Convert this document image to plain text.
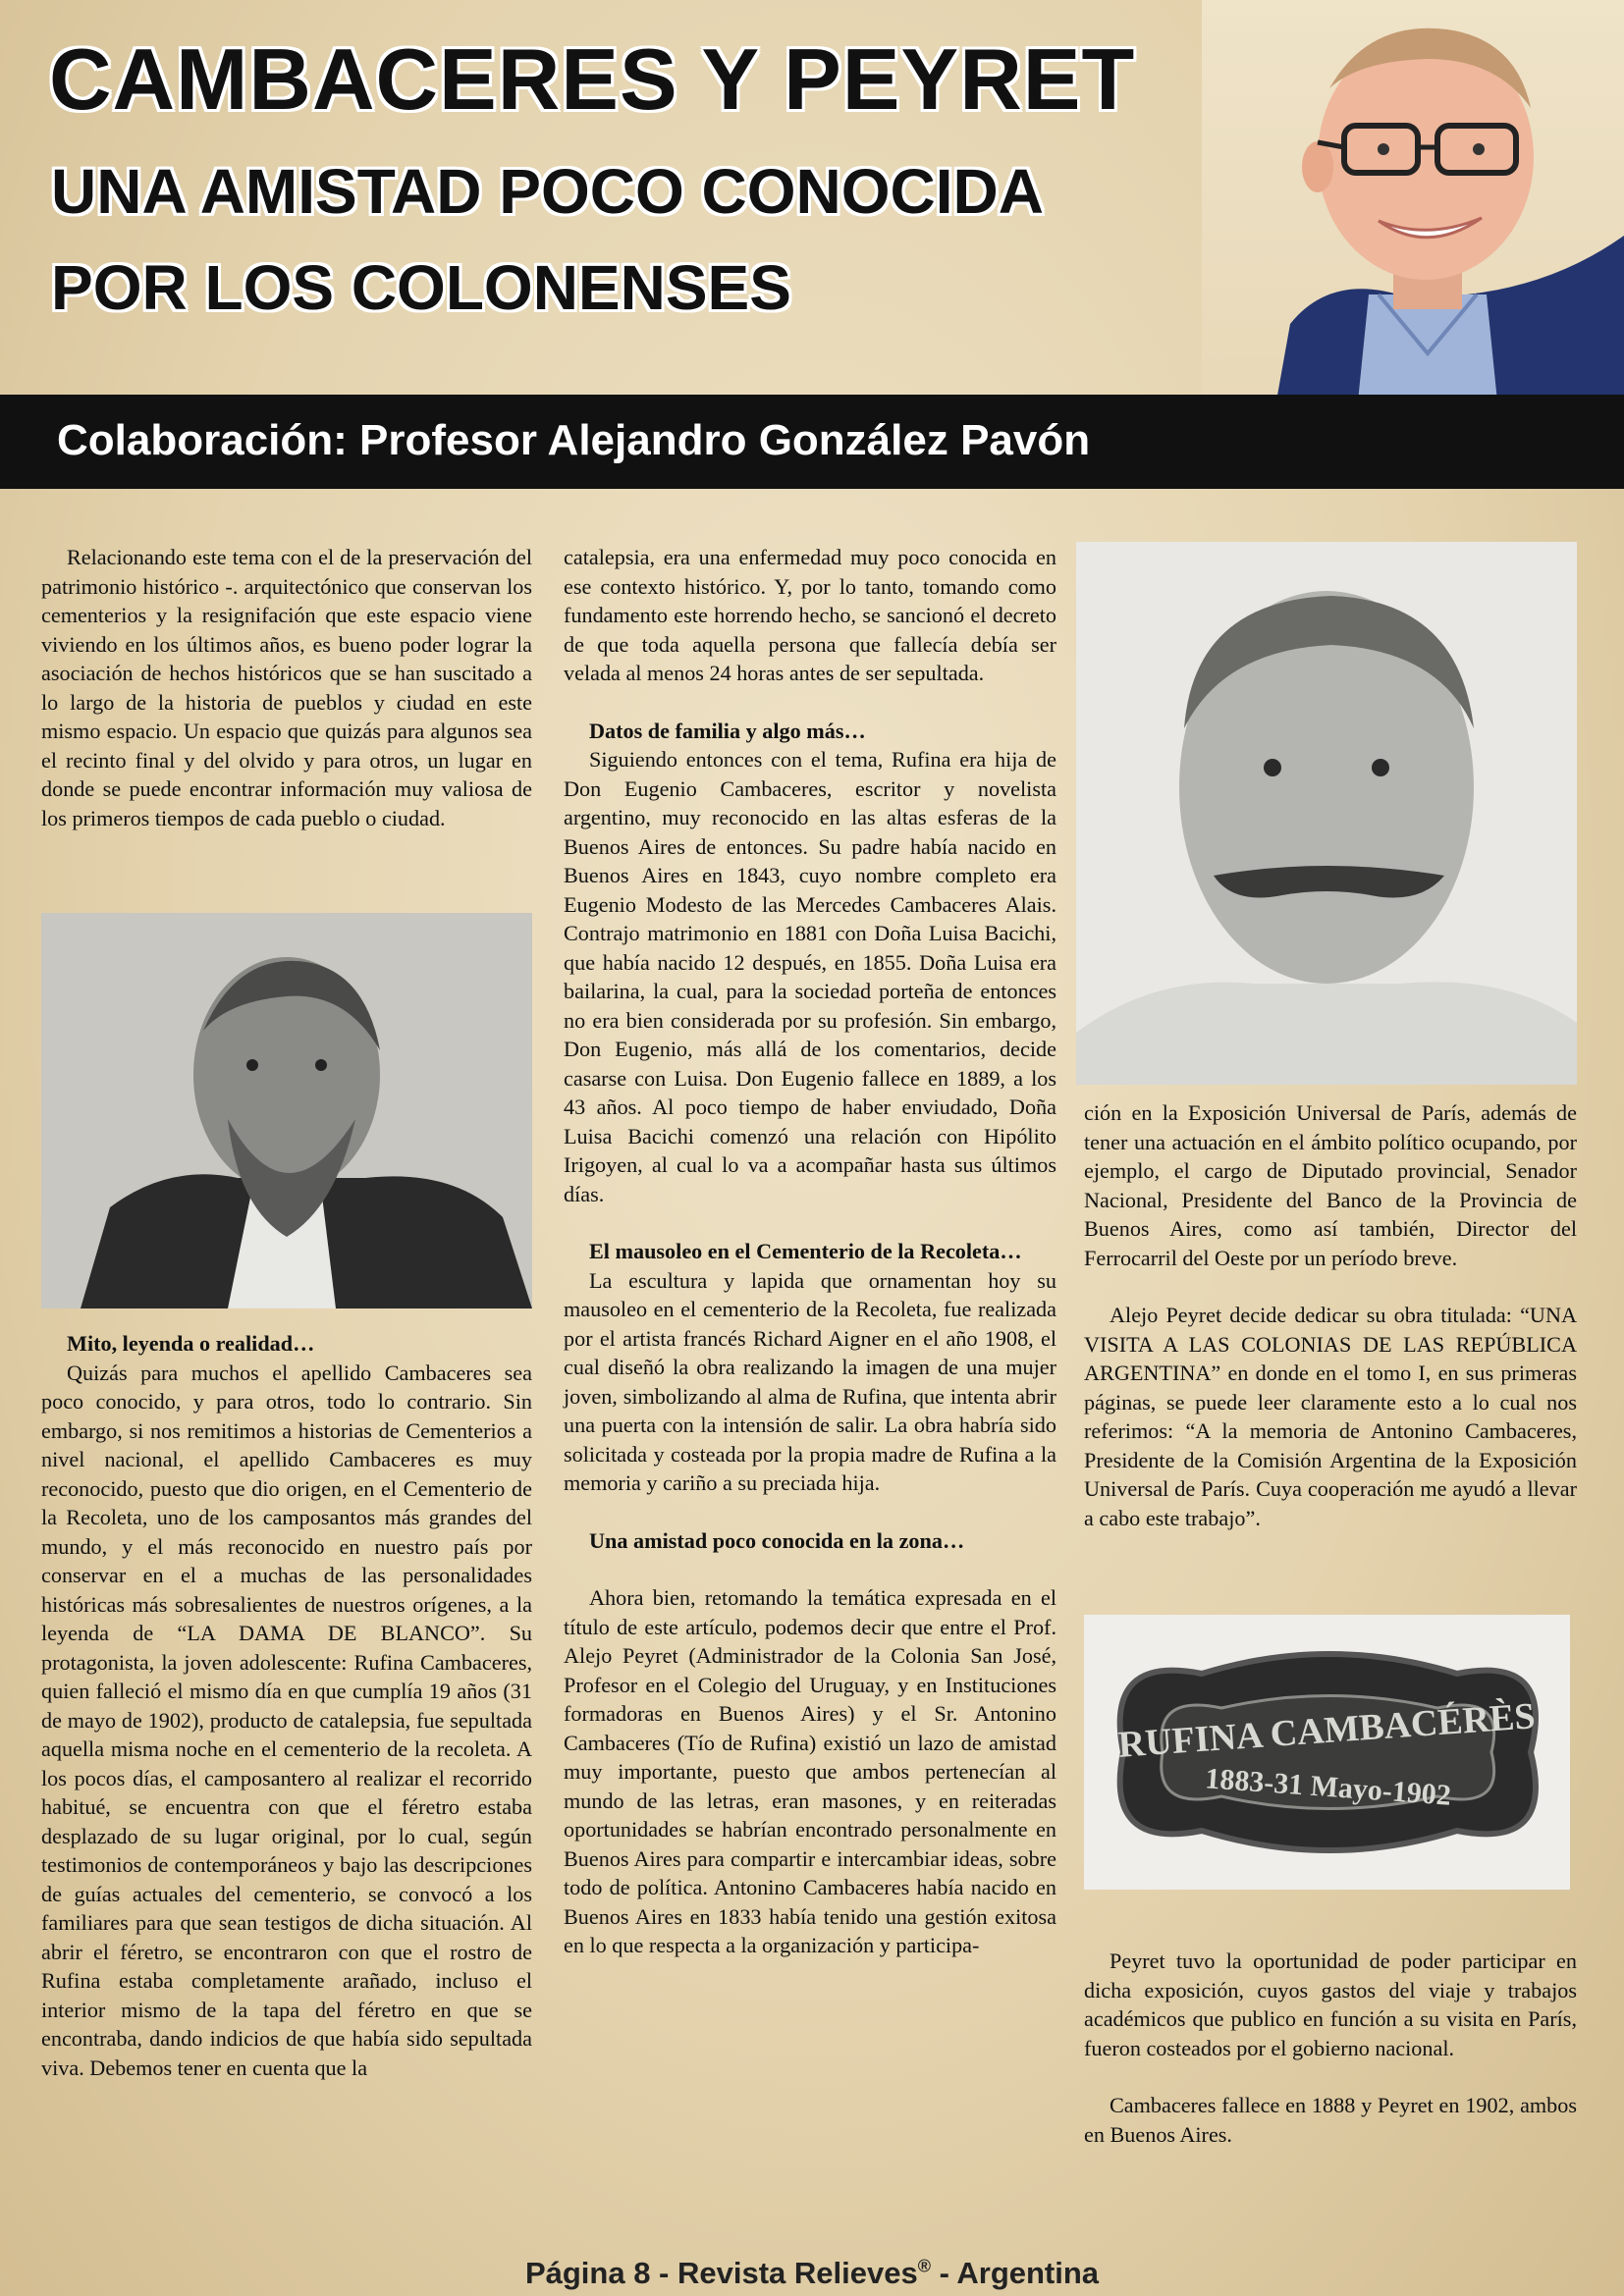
CAMBACERES Y PEYRET
UNA AMISTAD POCO CONOCIDA
POR LOS COLONENSES

Colaboración: Profesor Alejandro González Pavón

Relacionando este tema con el de la preservación del patrimonio histórico -. arquitectónico que conservan los cementerios y la resignifación que este espacio viene viviendo en los últimos años, es bueno poder lograr la asociación de hechos históricos que se han suscitado a lo largo de la historia de pueblos y ciudad en este mismo espacio. Un espacio que quizás para algunos sea el recinto final y del olvido y para otros, un lugar en donde se puede encontrar información muy valiosa de los primeros tiempos de cada pueblo o ciudad.

Mito, leyenda o realidad…

Quizás para muchos el apellido Cambaceres sea poco conocido, y para otros, todo lo contrario. Sin embargo, si nos remitimos a historias de Cementerios a nivel nacional, el apellido Cambaceres es muy reconocido, puesto que dio origen, en el Cementerio de la Recoleta, uno de los camposantos más grandes del mundo, y el más reconocido en nuestro país por conservar en el a muchas de las personalidades históricas más sobresalientes de nuestros orígenes, a la leyenda de “LA DAMA DE BLANCO”. Su protagonista, la joven adolescente: Rufina Cambaceres, quien falleció el mismo día en que cumplía 19 años (31 de mayo de 1902), producto de catalepsia, fue sepultada aquella misma noche en el cementerio de la recoleta. A los pocos días, el camposantero al realizar el recorrido habitué, se encuentra con que el féretro estaba desplazado de su lugar original, por lo cual, según testimonios de contemporáneos y bajo las descripciones de guías actuales del cementerio, se convocó a los familiares para que sean testigos de dicha situación. Al abrir el féretro, se encontraron con que el rostro de Rufina estaba completamente arañado, incluso el interior mismo de la tapa del féretro en que se encontraba, dando indicios de que había sido sepultada viva. Debemos tener en cuenta que la

catalepsia, era una enfermedad muy poco conocida en ese contexto histórico. Y, por lo tanto, tomando como fundamento este horrendo hecho, se sancionó el decreto de que toda aquella persona que fallecía debía ser velada al menos 24 horas antes de ser sepultada.

Datos de familia y algo más…

Siguiendo entonces con el tema, Rufina era hija de Don Eugenio Cambaceres, escritor y novelista argentino, muy reconocido en las altas esferas de la Buenos Aires de entonces. Su padre había nacido en Buenos Aires en 1843, cuyo nombre completo era Eugenio Modesto de las Mercedes Cambaceres Alais. Contrajo matrimonio en 1881 con Doña Luisa Bacichi, que había nacido 12 después, en 1855. Doña Luisa era bailarina, la cual, para la sociedad porteña de entonces no era bien considerada por su profesión. Sin embargo, Don Eugenio, más allá de los comentarios, decide casarse con Luisa. Don Eugenio fallece en 1889, a los 43 años. Al poco tiempo de haber enviudado, Doña Luisa Bacichi comenzó una relación con Hipólito Irigoyen, al cual lo va a acompañar hasta sus últimos días.

El mausoleo en el Cementerio de la Recoleta…

La escultura y lapida que ornamentan hoy su mausoleo en el cementerio de la Recoleta, fue realizada por el artista francés Richard Aigner en el año 1908, el cual diseñó la obra realizando la imagen de una mujer joven, simbolizando al alma de Rufina, que intenta abrir una puerta con la intensión de salir. La obra habría sido solicitada y costeada por la propia madre de Rufina a la memoria y cariño a su preciada hija.

Una amistad poco conocida en la zona…

Ahora bien, retomando la temática expresada en el título de este artículo, podemos decir que entre el Prof. Alejo Peyret (Administrador de la Colonia San José, Profesor en el Colegio del Uruguay, y en Instituciones formadoras en Buenos Aires) y el Sr. Antonino Cambaceres (Tío de Rufina) existió un lazo de amistad muy importante, puesto que ambos pertenecían al mundo de las letras, eran masones, y en reiteradas oportunidades se habrían encontrado personalmente en Buenos Aires para compartir e intercambiar ideas, sobre todo de política. Antonino Cambaceres había nacido en Buenos Aires en 1833 había tenido una gestión exitosa en lo que respecta a la organización y participa-

ción en la Exposición Universal de París, además de tener una actuación en el ámbito político ocupando, por ejemplo, el cargo de Diputado provincial, Senador Nacional, Presidente del Banco de la Provincia de Buenos Aires, como así también, Director del Ferrocarril del Oeste por un período breve.

Alejo Peyret decide dedicar su obra titulada: “UNA VISITA A LAS COLONIAS DE LAS REPÚBLICA ARGENTINA” en donde en el tomo I, en sus primeras páginas, se puede leer claramente esto a lo cual nos referimos: “A la memoria de Antonino Cambaceres, Presidente de la Comisión Argentina de la Exposición Universal de París. Cuya cooperación me ayudó a llevar a cabo este trabajo”.

RUFINA CAMBACÉRÈS
1883-31 Mayo-1902

Peyret tuvo la oportunidad de poder participar en dicha exposición, cuyos gastos del viaje y trabajos académicos que publico en función a su visita en París, fueron costeados por el gobierno nacional.

Cambaceres fallece en 1888 y Peyret en 1902, ambos en Buenos Aires.

Página 8 - Revista Relieves® - Argentina
